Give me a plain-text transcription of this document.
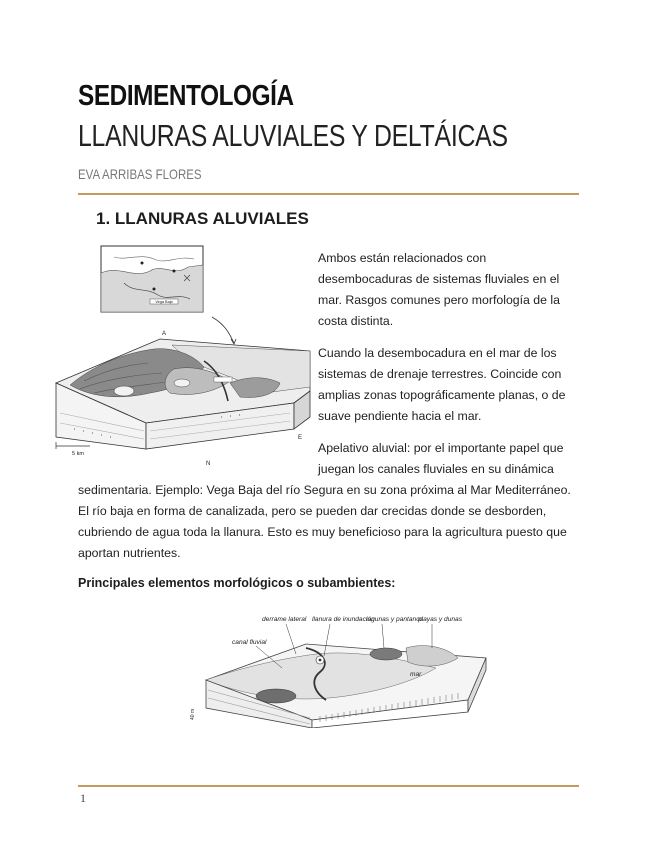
SEDIMENTOLOGÍA
LLANURAS ALUVIALES Y DELTÁICAS
EVA ARRIBAS FLORES
1. LLANURAS ALUVIALES
Vega Baja
A
E
N
5 km

Ambos están relacionados con desembocaduras de sistemas fluviales en el mar. Rasgos comunes pero morfología de la costa distinta.

Cuando la desembocadura en el mar de los sistemas de drenaje terrestres. Coincide con amplias zonas topográficamente planas, o de suave pendiente hacia el mar.

Apelativo aluvial: por el importante papel que juegan los canales fluviales en su dinámica

sedimentaria. Ejemplo: Vega Baja del río Segura en su zona próxima al Mar Mediterráneo. El río baja en forma de canalizada, pero se pueden dar crecidas donde se desborden, cubriendo de agua toda la llanura. Esto es muy beneficioso para la agricultura puesto que aportan nutrientes.

Principales elementos morfológicos o subambientes:
derrame lateral llanura de inundación
lagunas y pantanos
playas y dunas
canal fluvial
mar
40 m
1
